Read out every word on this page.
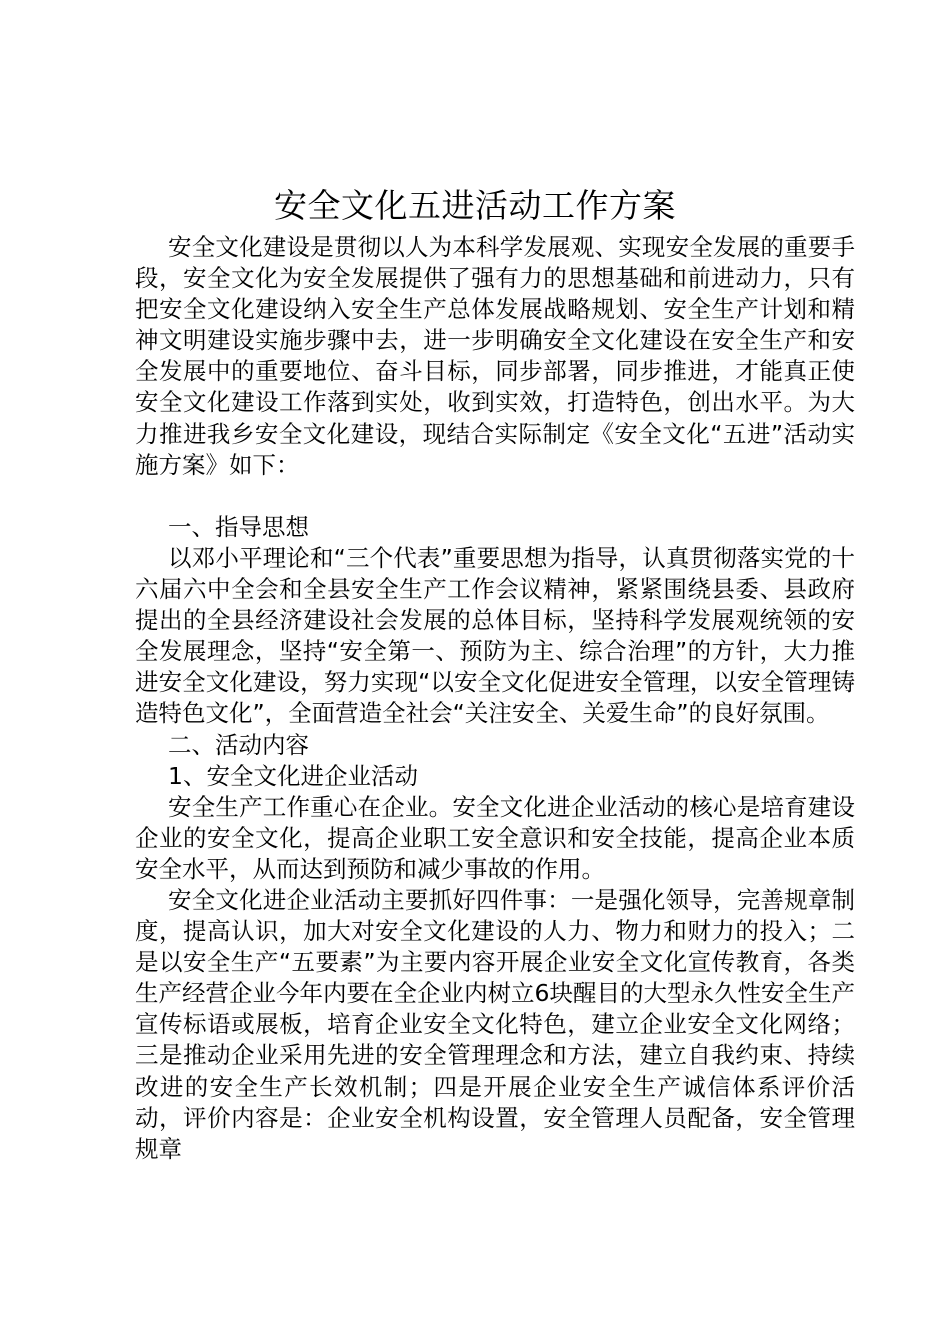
安全文化五进活动工作方案

安全文化建设是贯彻以人为本科学发展观、实现安全发展的重要手段，安全文化为安全发展提供了强有力的思想基础和前进动力，只有把安全文化建设纳入安全生产总体发展战略规划、安全生产计划和精神文明建设实施步骤中去，进一步明确安全文化建设在安全生产和安全发展中的重要地位、奋斗目标，同步部署，同步推进，才能真正使安全文化建设工作落到实处，收到实效，打造特色，创出水平。为大力推进我乡安全文化建设，现结合实际制定《安全文化“五进”活动实施方案》如下：

一、指导思想

以邓小平理论和“三个代表”重要思想为指导，认真贯彻落实党的十六届六中全会和全县安全生产工作会议精神，紧紧围绕县委、县政府提出的全县经济建设社会发展的总体目标，坚持科学发展观统领的安全发展理念，坚持“安全第一、预防为主、综合治理”的方针，大力推进安全文化建设，努力实现“以安全文化促进安全管理，以安全管理铸造特色文化”，全面营造全社会“关注安全、关爱生命”的良好氛围。

二、活动内容

1、安全文化进企业活动

安全生产工作重心在企业。安全文化进企业活动的核心是培育建设企业的安全文化，提高企业职工安全意识和安全技能，提高企业本质安全水平，从而达到预防和减少事故的作用。

安全文化进企业活动主要抓好四件事：一是强化领导，完善规章制度，提高认识，加大对安全文化建设的人力、物力和财力的投入；二是以安全生产“五要素”为主要内容开展企业安全文化宣传教育，各类生产经营企业今年内要在全企业内树立6块醒目的大型永久性安全生产宣传标语或展板，培育企业安全文化特色，建立企业安全文化网络；三是推动企业采用先进的安全管理理念和方法，建立自我约束、持续改进的安全生产长效机制；四是开展企业安全生产诚信体系评价活动，评价内容是：企业安全机构设置，安全管理人员配备，安全管理规章
